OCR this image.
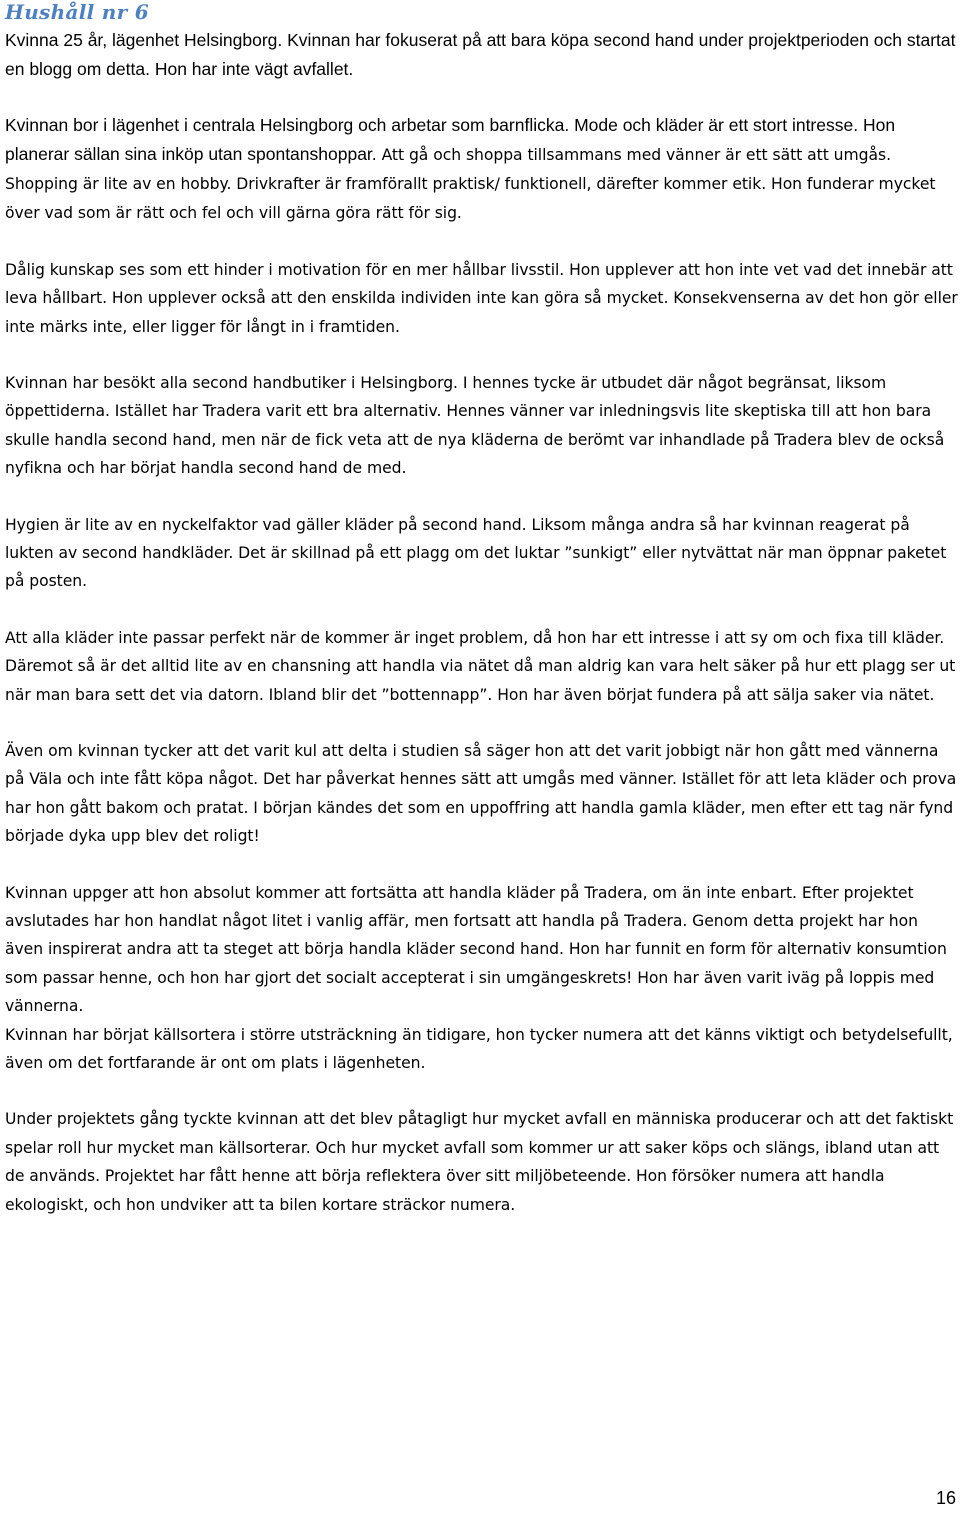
Hushåll nr 6

Kvinna 25 år, lägenhet Helsingborg. Kvinnan har fokuserat på att bara köpa second hand under projektperioden och startat en blogg om detta. Hon har inte vägt avfallet.

Kvinnan bor i lägenhet i centrala Helsingborg och arbetar som barnflicka. Mode och kläder är ett stort intresse. Hon planerar sällan sina inköp utan spontanshoppar. Att gå och shoppa tillsammans med vänner är ett sätt att umgås. Shopping är lite av en hobby. Drivkrafter är framförallt praktisk/ funktionell, därefter kommer etik. Hon funderar mycket över vad som är rätt och fel och vill gärna göra rätt för sig.

Dålig kunskap ses som ett hinder i motivation för en mer hållbar livsstil. Hon upplever att hon inte vet vad det innebär att leva hållbart. Hon upplever också att den enskilda individen inte kan göra så mycket. Konsekvenserna av det hon gör eller inte märks inte, eller ligger för långt in i framtiden.

Kvinnan har besökt alla second handbutiker i Helsingborg. I hennes tycke är utbudet där något begränsat, liksom öppettiderna. Istället har Tradera varit ett bra alternativ. Hennes vänner var inledningsvis lite skeptiska till att hon bara skulle handla second hand, men när de fick veta att de nya kläderna de berömt var inhandlade på Tradera blev de också nyfikna och har börjat handla second hand de med.

Hygien är lite av en nyckelfaktor vad gäller kläder på second hand. Liksom många andra så har kvinnan reagerat på lukten av second handkläder. Det är skillnad på ett plagg om det luktar ”sunkigt” eller nytvättat när man öppnar paketet på posten.

Att alla kläder inte passar perfekt när de kommer är inget problem, då hon har ett intresse i att sy om och fixa till kläder. Däremot så är det alltid lite av en chansning att handla via nätet då man aldrig kan vara helt säker på hur ett plagg ser ut när man bara sett det via datorn. Ibland blir det ”bottennapp”. Hon har även börjat fundera på att sälja saker via nätet.

Även om kvinnan tycker att det varit kul att delta i studien så säger hon att det varit jobbigt när hon gått med vännerna på Väla och inte fått köpa något. Det har påverkat hennes sätt att umgås med vänner. Istället för att leta kläder och prova har hon gått bakom och pratat. I början kändes det som en uppoffring att handla gamla kläder, men efter ett tag när fynd började dyka upp blev det roligt!

Kvinnan uppger att hon absolut kommer att fortsätta att handla kläder på Tradera, om än inte enbart. Efter projektet avslutades har hon handlat något litet i vanlig affär, men fortsatt att handla på Tradera. Genom detta projekt har hon även inspirerat andra att ta steget att börja handla kläder second hand. Hon har funnit en form för alternativ konsumtion som passar henne, och hon har gjort det socialt accepterat i sin umgängeskrets! Hon har även varit iväg på loppis med vännerna.

Kvinnan har börjat källsortera i större utsträckning än tidigare, hon tycker numera att det känns viktigt och betydelsefullt, även om det fortfarande är ont om plats i lägenheten.

Under projektets gång tyckte kvinnan att det blev påtagligt hur mycket avfall en människa producerar och att det faktiskt spelar roll hur mycket man källsorterar. Och hur mycket avfall som kommer ur att saker köps och slängs, ibland utan att de används. Projektet har fått henne att börja reflektera över sitt miljöbeteende. Hon försöker numera att handla ekologiskt, och hon undviker att ta bilen kortare sträckor numera.

16
